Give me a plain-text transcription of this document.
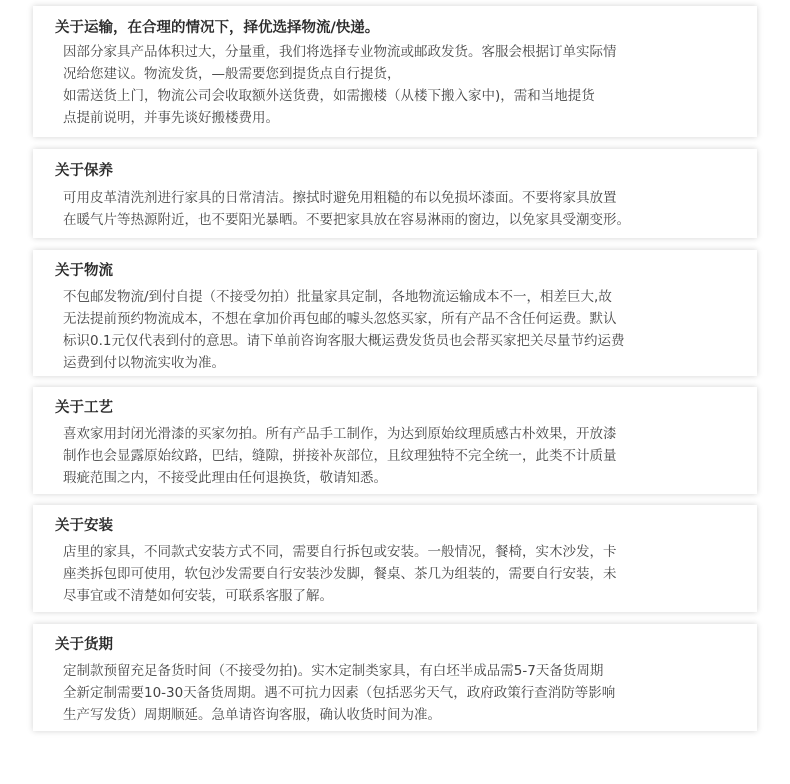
关于运输，在合理的情况下，择优选择物流/快递。
因部分家具产品体积过大，分量重，我们将选择专业物流或邮政发货。客服会根据订单实际情
况给您建议。物流发货，—般需要您到提货点自行提货，
如需送货上门，物流公司会收取额外送货费，如需搬楼（从楼下搬入家中)，需和当地提货
点提前说明，并事先谈好搬楼费用。
关于保养
可用皮革清洗剂进行家具的日常清洁。擦拭时避免用粗糙的布以免损坏漆面。不要将家具放置
在暖气片等热源附近，也不要阳光暴晒。不要把家具放在容易淋雨的窗边，以免家具受潮变形。
关于物流
不包邮发物流/到付自提（不接受勿拍）批量家具定制，各地物流运输成本不一，相差巨大,故
无法提前预约物流成本，不想在拿加价再包邮的噱头忽悠买家，所有产品不含任何运费。默认
标识0.1元仅代表到付的意思。请下单前咨询客服大概运费发货员也会帮买家把关尽量节约运费
运费到付以物流实收为准。
关于工艺
喜欢家用封闭光滑漆的买家勿拍。所有产品手工制作，为达到原始纹理质感古朴效果，开放漆
制作也会显露原始纹路，巴结，缝隙，拼接补灰部位，且纹理独特不完全统一，此类不计质量
瑕疵范围之内，不接受此理由任何退换货，敬请知悉。
关于安装
店里的家具，不同款式安装方式不同，需要自行拆包或安装。一般情况，餐椅，实木沙发，卡
座类拆包即可使用，软包沙发需要自行安装沙发脚，餐桌、茶几为组装的，需要自行安装，未
尽事宜或不清楚如何安装，可联系客服了解。
关于货期
定制款预留充足备货时间（不接受勿拍)。实木定制类家具，有白坯半成品需5-7天备货周期
全新定制需要10-30天备货周期。遇不可抗力因素（包括恶劣天气，政府政策行查消防等影响
生产写发货）周期顺延。急单请咨询客服，确认收货时间为准。
